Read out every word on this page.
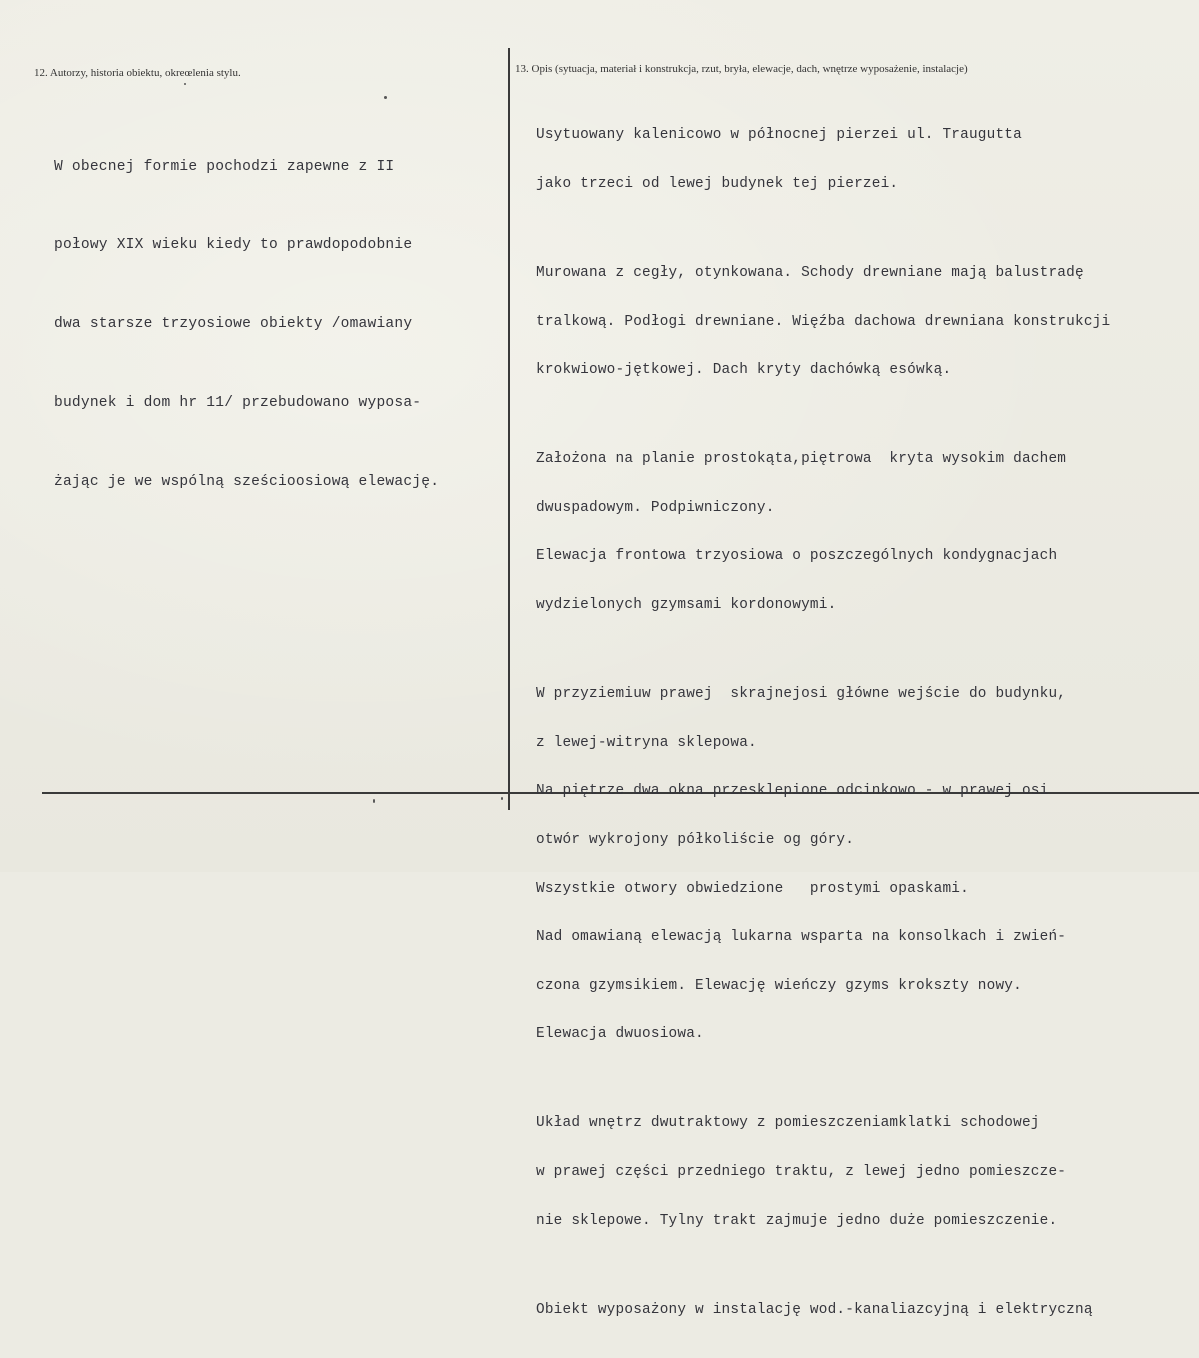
12. Autorzy, historia obiektu, okreœlenia stylu.	13. Opis (sytuacja, materiał i konstrukcja, rzut, bryła, elewacje, dach, wnętrze wyposażenie, instalacje)

W obecnej formie pochodzi zapewne z II

połowy XIX wieku kiedy to prawdopodobnie

dwa starsze trzyosiowe obiekty /omawiany

budynek i dom hr 11/ przebudowano wyposa-

żając je we wspólną sześcioosiową elewację.

Usytuowany kalenicowo w północnej pierzei ul. Traugutta

jako trzeci od lewej budynek tej pierzei.

Murowana z cegły, otynkowana. Schody drewniane mają balustradę

tralkową. Podłogi drewniane. Więźba dachowa drewniana konstrukcji

krokwiowo-jętkowej. Dach kryty dachówką esówką.

Założona na planie prostokąta,piętrowa  kryta wysokim dachem

dwuspadowym. Podpiwniczony.

Elewacja frontowa trzyosiowa o poszczególnych kondygnacjach

wydzielonych gzymsami kordonowymi.

W przyziemiuw prawej  skrajnejosi główne wejście do budynku,

z lewej-witryna sklepowa.

Na piętrze dwa okna przesklepione odcinkowo - w prawej osi

otwór wykrojony półkoliście og góry.

Wszystkie otwory obwiedzione   prostymi opaskami.

Nad omawianą elewacją lukarna wsparta na konsolkach i zwień-

czona gzymsikiem. Elewację wieńczy gzyms krokszty nowy.

Elewacja dwuosiowa.

Układ wnętrz dwutraktowy z pomieszczeniamklatki schodowej

w prawej części przedniego traktu, z lewej jedno pomieszcze-

nie sklepowe. Tylny trakt zajmuje jedno duże pomieszczenie.

Obiekt wyposażony w instalację wod.-kanaliazcyjną i elektryczną
